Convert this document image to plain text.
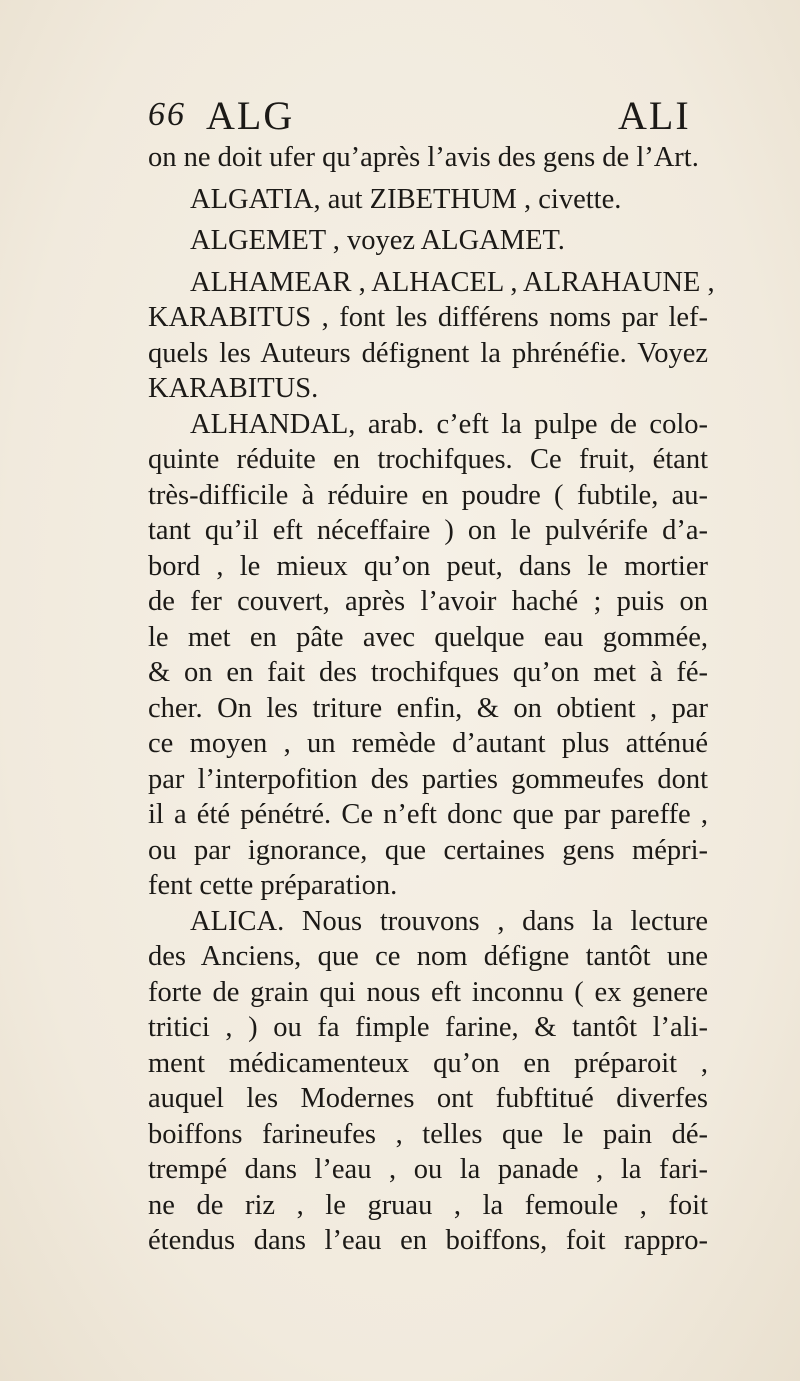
66 ALG	ALI
on ne doit ufer qu’après l’avis des gens de l’Art.
ALGATIA, aut ZIBETHUM , civette.
ALGEMET , voyez ALGAMET.
ALHAMEAR , ALHACEL , ALRAHAUNE ,
KARABITUS , font les différens noms par lef-
quels les Auteurs défignent la phrénéfie. Voyez
KARABITUS.
ALHANDAL, arab. c’eft la pulpe de colo-
quinte réduite en trochifques. Ce fruit, étant
très-difficile à réduire en poudre ( fubtile, au-
tant qu’il eft néceffaire ) on le pulvérife d’a-
bord , le mieux qu’on peut, dans le mortier
de fer couvert, après l’avoir haché ; puis on
le met en pâte avec quelque eau gommée,
& on en fait des trochifques qu’on met à fé-
cher. On les triture enfin, & on obtient , par
ce moyen , un remède d’autant plus atténué
par l’interpofition des parties gommeufes dont
il a été pénétré. Ce n’eft donc que par pareffe ,
ou par ignorance, que certaines gens mépri-
fent cette préparation.
ALICA. Nous trouvons , dans la lecture
des Anciens, que ce nom défigne tantôt une
forte de grain qui nous eft inconnu ( ex genere
tritici , ) ou fa fimple farine, & tantôt l’ali-
ment médicamenteux qu’on en préparoit ,
auquel les Modernes ont fubftitué diverfes
boiffons farineufes , telles que le pain dé-
trempé dans l’eau , ou la panade , la fari-
ne de riz , le gruau , la femoule , foit
étendus dans l’eau en boiffons, foit rappro-
